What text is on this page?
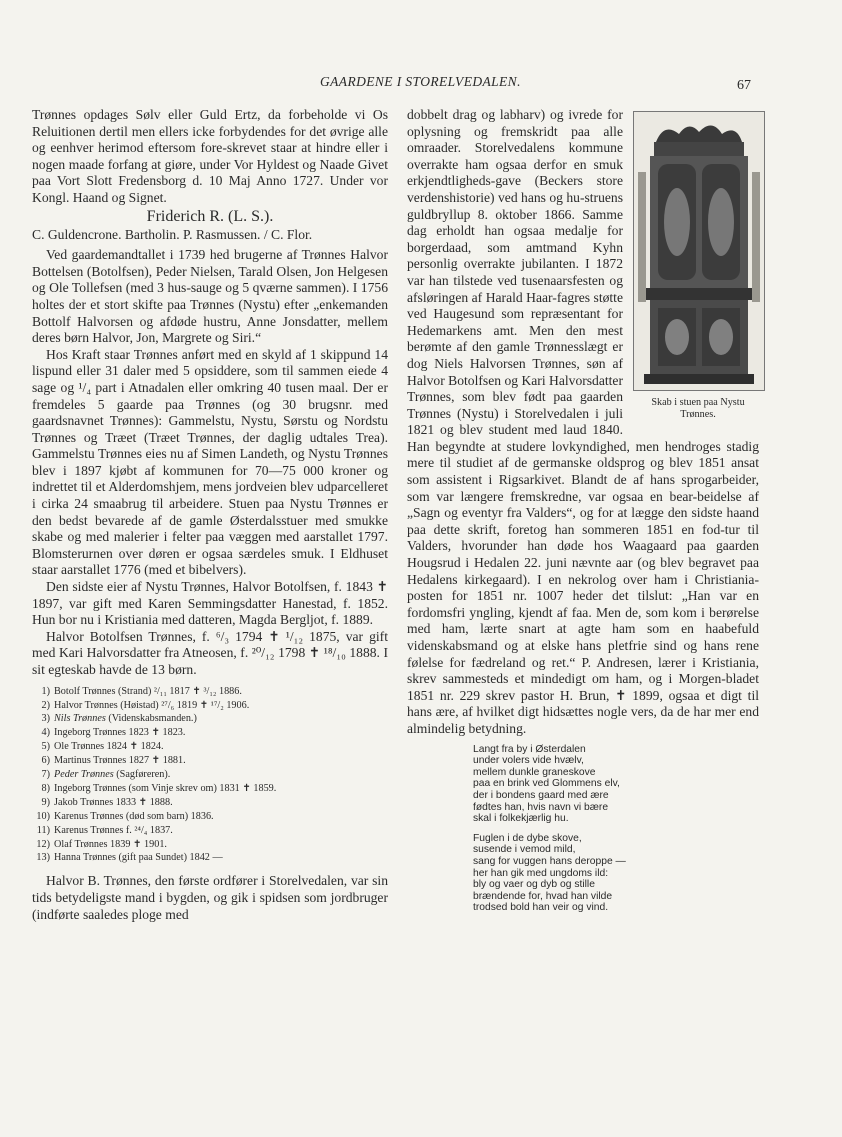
GAARDENE I STORELVEDALEN.	67

Trønnes opdages Sølv eller Guld Ertz, da forbeholde vi Os Reluitionen dertil men ellers icke forbydendes for det øvrige alle og eenhver herimod eftersom fore-skrevet staar at hindre eller i nogen maade forfang at giøre, under Vor Hyldest og Naade Givet paa Vort Slott Fredensborg d. 10 Maj Anno 1727. Under vor Kongl. Haand og Signet.

Friderich R. (L. S.).

C. Guldencrone. Bartholin. P. Rasmussen. / C. Flor.

Ved gaardemandtallet i 1739 hed brugerne af Trønnes Halvor Bottelsen (Botolfsen), Peder Nielsen, Tarald Olsen, Jon Helgesen og Ole Tollefsen (med 3 hus-sauge og 5 qværne sammen). I 1756 holtes der et stort skifte paa Trønnes (Nystu) efter „enkemanden Bottolf Halvorsen og afdøde hustru, Anne Jonsdatter, mellem deres børn Halvor, Jon, Margrete og Siri.“

Hos Kraft staar Trønnes anført med en skyld af 1 skippund 14 lispund eller 31 daler med 5 opsiddere, som til sammen eiede 4 sage og ¹/₄ part i Atnadalen eller omkring 40 tusen maal. Der er fremdeles 5 gaarde paa Trønnes (og 30 brugsnr. med gaardsnavnet Trønnes): Gammelstu, Nystu, Sørstu og Nordstu Trønnes og Træet (Træet Trønnes, der daglig udtales Trea). Gammelstu Trønnes eies nu af Simen Landeth, og Nystu Trønnes blev i 1897 kjøbt af kommunen for 70—75 000 kroner og indrettet til et Alderdomshjem, mens jordveien blev udparcelleret i cirka 24 smaabrug til arbeidere. Stuen paa Nystu Trønnes er den bedst bevarede af de gamle Østerdalsstuer med smukke skabe og med malerier i felter paa væggen med aarstallet 1797. Blomsterurnen over døren er ogsaa særdeles smuk. I Eldhuset staar aarstallet 1776 (med et bibelvers).

Den sidste eier af Nystu Trønnes, Halvor Botolfsen, f. 1843 ✝ 1897, var gift med Karen Semmingsdatter Hanestad, f. 1852. Hun bor nu i Kristiania med datteren, Magda Bergljot, f. 1889.

Halvor Botolfsen Trønnes, f. ⁶/₃ 1794 ✝ ¹/₁₂ 1875, var gift med Kari Halvorsdatter fra Atneosen, f. ²⁰/₁₂ 1798 ✝ ¹⁸/₁₀ 1888. I sit egteskab havde de 13 børn.

1) Botolf Trønnes (Strand) ²/₁₁ 1817 ✝ ³/₁₂ 1886.
2) Halvor Trønnes (Høistad) ²⁷/₆ 1819 ✝ ¹⁷/₂ 1906.
3) Nils Trønnes (Videnskabsmanden.)
4) Ingeborg Trønnes 1823 ✝ 1823.
5) Ole Trønnes 1824 ✝ 1824.
6) Martinus Trønnes 1827 ✝ 1881.
7) Peder Trønnes (Sagføreren).
8) Ingeborg Trønnes (som Vinje skrev om) 1831 ✝ 1859.
9) Jakob Trønnes 1833 ✝ 1888.
10) Karenus Trønnes (død som barn) 1836.
11) Karenus Trønnes f. ²⁴/₄ 1837.
12) Olaf Trønnes 1839 ✝ 1901.
13) Hanna Trønnes (gift paa Sundet) 1842 —

Halvor B. Trønnes, den første ordfører i Storelvedalen, var sin tids betydeligste mand i bygden, og gik i spidsen som jordbruger (indførte saaledes ploge med

Skab i stuen paa Nystu Trønnes.

dobbelt drag og labharv) og ivrede for oplysning og fremskridt paa alle omraader. Storelvedalens kommune overrakte ham ogsaa derfor en smuk erkjendtligheds-gave (Beckers store verdenshistorie) ved hans og hu-struens guldbryllup 8. oktober 1866. Samme dag erholdt han ogsaa medalje for borgerdaad, som amtmand Kyhn personlig overrakte jubilanten. I 1872 var han tilstede ved tusenaarsfesten og afsløringen af Harald Haar-fagres støtte ved Haugesund som repræsentant for Hedemarkens amt. Men den mest berømte af den gamle Trønnesslægt er dog Niels Halvorsen Trønnes, søn af Halvor Botolfsen og Kari Halvorsdatter Trønnes, som blev født paa gaarden Trønnes (Nystu) i Storelvedalen i juli 1821 og blev student med laud 1840. Han begyndte at studere lovkyndighed, men hendroges stadig mere til studiet af de germanske oldsprog og blev 1851 ansat som assistent i Rigsarkivet. Blandt de af hans sprogarbeider, som var længere fremskredne, var ogsaa en bear-beidelse af „Sagn og eventyr fra Valders“, og for at lægge den sidste haand paa dette skrift, foretog han sommeren 1851 en fod-tur til Valders, hvorunder han døde hos Waagaard paa gaarden Hougsrud i Hedalen 22. juni nævnte aar (og blev begravet paa Hedalens kirkegaard). I en nekrolog over ham i Christiania-posten for 1851 nr. 1007 heder det tilslut: „Han var en fordomsfri yngling, kjendt af faa. Men de, som kom i berørelse med ham, lærte snart at agte ham som en haabefuld videnskabsmand og at elske hans pletfrie sind og hans rene følelse for fædreland og ret.“ P. Andresen, lærer i Kristiania, skrev sammesteds et mindedigt om ham, og i Morgen-bladet 1851 nr. 229 skrev pastor H. Brun, ✝ 1899, ogsaa et digt til hans ære, af hvilket digt hidsættes nogle vers, da de har mer end almindelig betydning.

Langt fra by i Østerdalen
under volers vide hvælv,
mellem dunkle graneskove
paa en brink ved Glommens elv,
der i bondens gaard med ære
fødtes han, hvis navn vi bære
skal i folkekjærlig hu.
Fuglen i de dybe skove,
susende i vemod mild,
sang for vuggen hans deroppe —
her han gik med ungdoms ild:
bly og vaer og dyb og stille
brændende for, hvad han vilde
trodsed bold han veir og vind.
